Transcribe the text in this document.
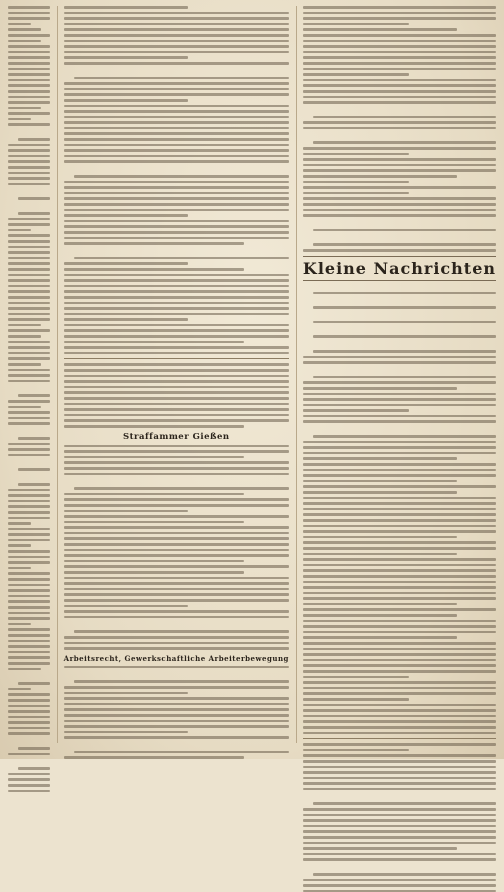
Straffammer Gießen
Arbeitsrecht, Gewerkschaftliche Arbeiterbewegung
Kleine Nachrichten
